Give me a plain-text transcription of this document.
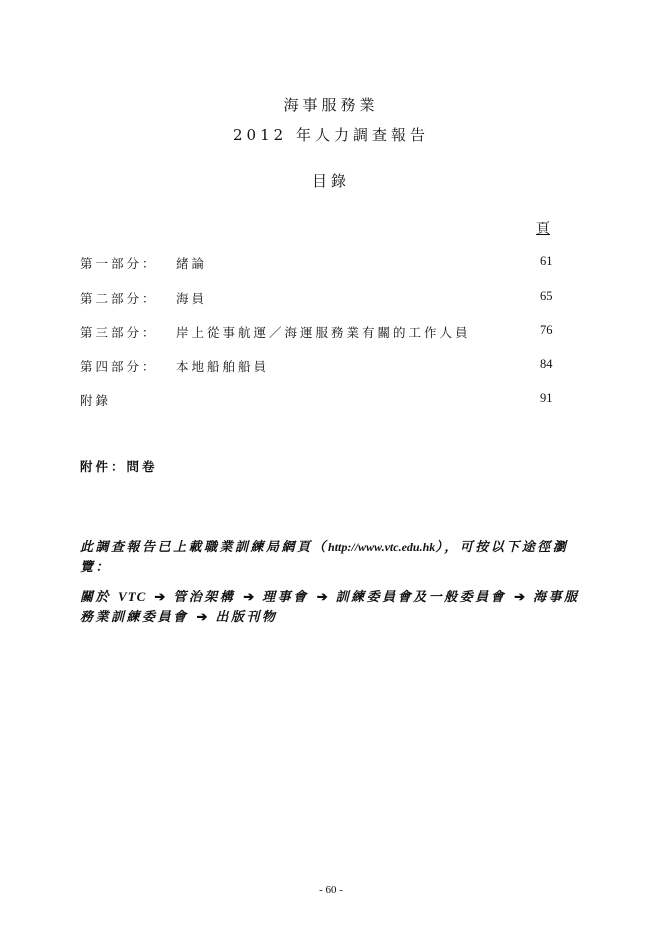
海事服務業
2012 年人力調查報告
目錄
頁
第一部分： 緒論	61
第二部分： 海員	65
第三部分： 岸上從事航運／海運服務業有關的工作人員	76
第四部分： 本地船舶船員	84
附錄	91
附件：問卷
此調查報告已上載職業訓練局網頁（http://www.vtc.edu.hk），可按以下途徑瀏覽：
關於 VTC ➔ 管治架構 ➔ 理事會 ➔ 訓練委員會及一般委員會 ➔ 海事服務業訓練委員會 ➔ 出版刊物
- 60 -
